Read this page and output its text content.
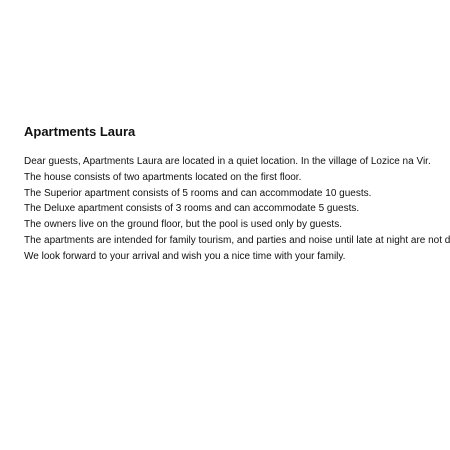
Apartments Laura
Dear guests, Apartments Laura are located in a quiet location. In the village of Lozice na Vir.
The house consists of two apartments located on the first floor.
The Superior apartment consists of 5 rooms and can accommodate 10 guests.
The Deluxe apartment consists of 3 rooms and can accommodate 5 guests.
The owners live on the ground floor, but the pool is used only by guests.
The apartments are intended for family tourism, and parties and noise until late at night are not d
We look forward to your arrival and wish you a nice time with your family.
